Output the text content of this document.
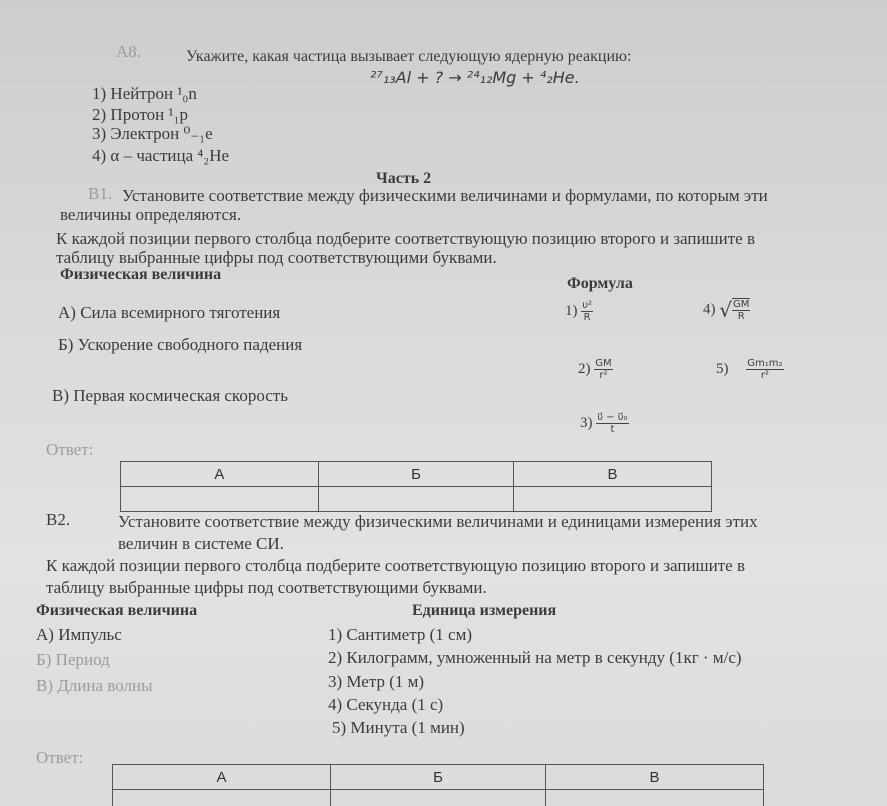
А8.	Укажите, какая частица вызывает следующую ядерную реакцию:
²⁷₁₃Al + ? → ²⁴₁₂Mg + ⁴₂He.
1) Нейтрон ¹₀n
2) Протон ¹₁p
3) Электрон ⁰₋₁e
4) α – частица ⁴₂He
Часть 2
В1. Установите соответствие между физическими величинами и формулами, по которым эти
величины определяются.
К каждой позиции первого столбца подберите соответствующую позицию второго и запишите в
таблицу выбранные цифры под соответствующими буквами.
Физическая величина
Формула
А) Сила всемирного тяготения
Б) Ускорение свободного падения
В) Первая космическая скорость
$1) \frac{\text{υ²}}{R}$	4) √ $\frac{GM}{R}$
$2) \frac{GM}{\text{r²}}$	$5) \frac{\text{Gm₁m₂}}{\text{r²}}$
$3) \frac{\text{υ⃗ − υ⃗₀}}{t}$
Ответ:
А	Б	В

В2.	Установите соответствие между физическими величинами и единицами измерения этих
величин в системе СИ.
К каждой позиции первого столбца подберите соответствующую позицию второго и запишите в
таблицу выбранные цифры под соответствующими буквами.
Физическая величина	Единица измерения
А) Импульс
Б) Период
В) Длина волны
1) Сантиметр (1 см)
2) Килограмм, умноженный на метр в секунду (1кг · м/с)
3) Метр (1 м)
4) Секунда (1 с)
5) Минута (1 мин)
Ответ:
А	Б	В
